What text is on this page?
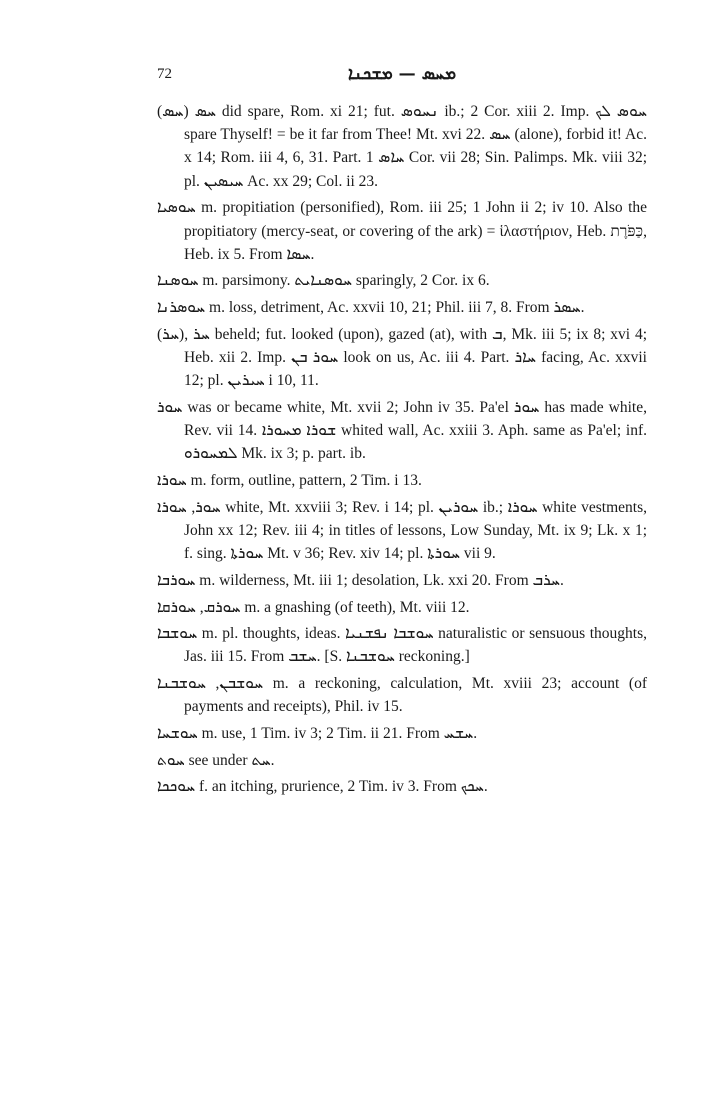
72	ܡܚܣ — ܡܫܟܢܐ

(ܚܣ) ܚܣ did spare, Rom. xi 21; fut. ܢܚܘܣ ib.; 2 Cor. xiii 2. Imp. ܚܘܣ ܠܟ spare Thyself! = be it far from Thee! Mt. xvi 22. ܚܣ (alone), forbid it! Ac. x 14; Rom. iii 4, 6, 31. Part. ܚܐܣ 1 Cor. vii 28; Sin. Palimps. Mk. viii 32; pl. ܚܝܣܝܢ Ac. xx 29; Col. ii 23.

ܚܘܣܝܐ m. propitiation (personified), Rom. iii 25; 1 John ii 2; iv 10. Also the propitiatory (mercy-seat, or covering of the ark) = ἱλαστήριον, Heb. כַּפֹּרֶת, Heb. ix 5. From ܚܣܐ.

ܚܘܣܢܐ m. parsimony. ܚܘܣܢܐܝܬ sparingly, 2 Cor. ix 6.

ܚܘܣܪܢܐ m. loss, detriment, Ac. xxvii 10, 21; Phil. iii 7, 8. From ܚܣܪ.

(ܚܪ), ܚܪ beheld; fut. looked (upon), gazed (at), with ܒ, Mk. iii 5; ix 8; xvi 4; Heb. xii 2. Imp. ܚܘܪ ܒܢ look on us, Ac. iii 4. Part. ܚܐܪ facing, Ac. xxvii 12; pl. ܚܝܪܝܢ i 10, 11.

ܚܘܪ was or became white, Mt. xvii 2; John iv 35. Pa'el ܚܘܪ has made white, Rev. vii 14. ܫܘܪܐ ܡܚܘܪܐ whited wall, Ac. xxiii 3. Aph. same as Pa'el; inf. ܠܡܚܘܪܘ Mk. ix 3; p. part. ib.

ܚܘܪܐ m. form, outline, pattern, 2 Tim. i 13.

ܚܘܪ, ܚܘܪܐ white, Mt. xxviii 3; Rev. i 14; pl. ܚܘܪܝܢ ib.; ܚܘܪܐ white vestments, John xx 12; Rev. iii 4; in titles of lessons, Low Sunday, Mt. ix 9; Lk. x 1; f. sing. ܚܘܪܬܐ Mt. v 36; Rev. xiv 14; pl. ܚܘܪܬܐ vii 9.

ܚܘܪܒܐ m. wilderness, Mt. iii 1; desolation, Lk. xxi 20. From ܚܪܒ.

ܚܘܪܩ, ܚܘܪܩܐ m. a gnashing (of teeth), Mt. viii 12.

ܚܘܫܒܐ m. pl. thoughts, ideas. ܚܘܫܒܐ ܢܦܫܢܝܐ naturalistic or sensuous thoughts, Jas. iii 15. From ܚܫܒ. [S. ܚܘܫܒܢܐ reckoning.]

ܚܘܫܒܢ, ܚܘܫܒܢܐ m. a reckoning, calculation, Mt. xviii 23; account (of payments and receipts), Phil. iv 15.

ܚܘܫܚܐ m. use, 1 Tim. iv 3; 2 Tim. ii 21. From ܚܫܚ.

ܚܘܬ see under ܚܬ.

ܚܘܟܟܐ f. an itching, prurience, 2 Tim. iv 3. From ܚܟܟ.
